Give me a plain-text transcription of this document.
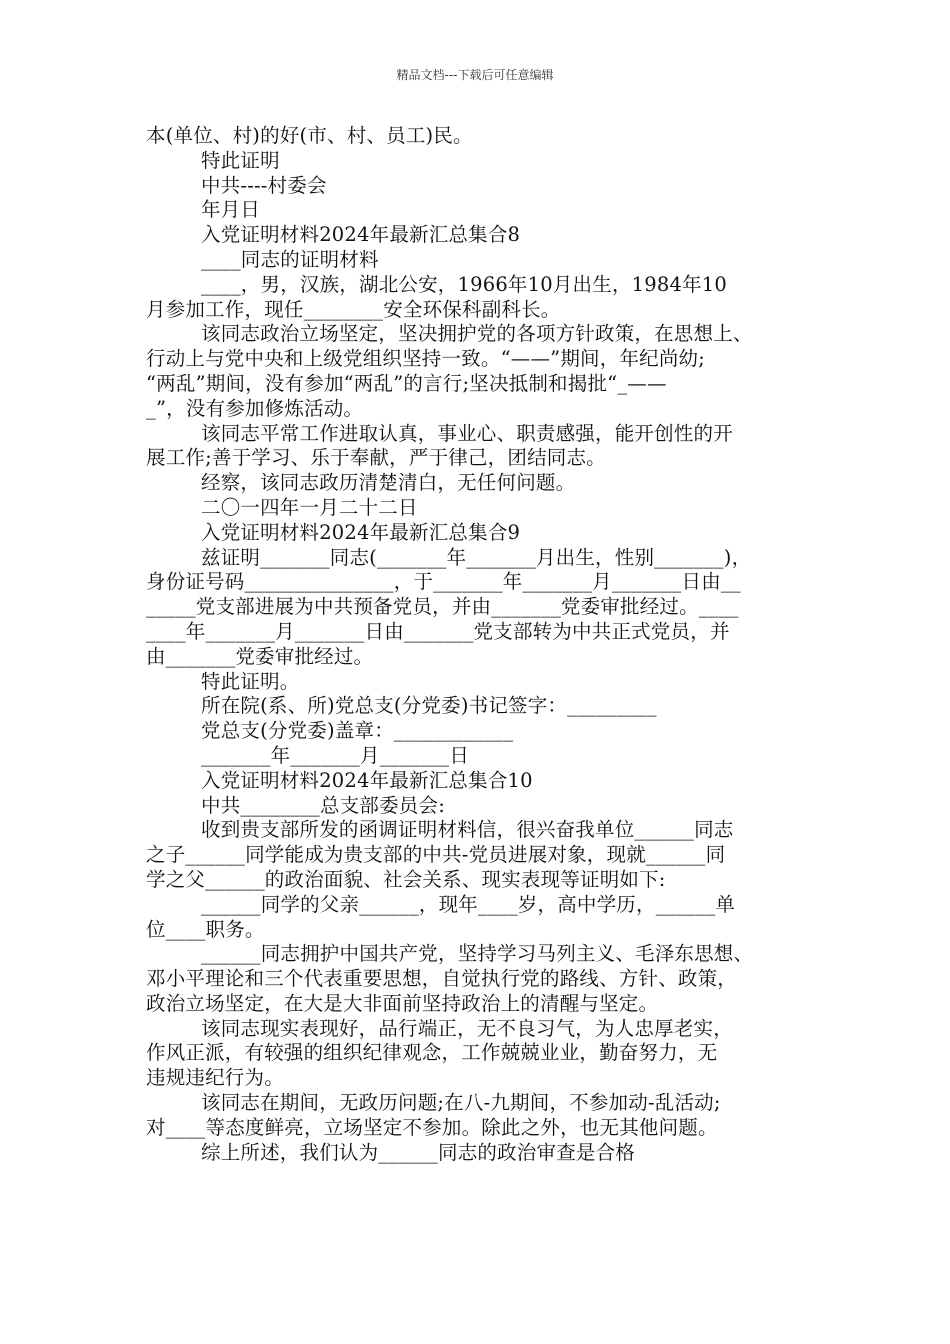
精品文档---下载后可任意编辑

本(单位、村)的好(市、村、员工)民。

特此证明

中共----村委会

年月日

入党证明材料2024年最新汇总集合8

____同志的证明材料

____，男，汉族，湖北公安，1966年10月出生，1984年10

月参加工作，现任________安全环保科副科长。

该同志政治立场坚定，坚决拥护党的各项方针政策，在思想上、

行动上与党中央和上级党组织坚持一致。“——”期间，年纪尚幼;

“两乱”期间，没有参加“两乱”的言行;坚决抵制和揭批“_——

_”，没有参加修炼活动。

该同志平常工作进取认真，事业心、职责感强，能开创性的开

展工作;善于学习、乐于奉献，严于律己，团结同志。

经察，该同志政历清楚清白，无任何问题。

二〇一四年一月二十二日

入党证明材料2024年最新汇总集合9

兹证明_______同志(_______年_______月出生，性别_______)，

身份证号码_______________，于_______年_______月_______日由__

_____党支部进展为中共预备党员，并由_______党委审批经过。____

____年_______月_______日由_______党支部转为中共正式党员，并

由_______党委审批经过。

特此证明。

所在院(系、所)党总支(分党委)书记签字：_________

党总支(分党委)盖章：____________

_______年_______月_______日

入党证明材料2024年最新汇总集合10

中共________总支部委员会:

收到贵支部所发的函调证明材料信，很兴奋我单位______同志

之子______同学能成为贵支部的中共-党员进展对象，现就______同

学之父______的政治面貌、社会关系、现实表现等证明如下:

______同学的父亲______，现年____岁，高中学历，______单

位____职务。

______同志拥护中国共产党，坚持学习马列主义、毛泽东思想、

邓小平理论和三个代表重要思想，自觉执行党的路线、方针、政策，

政治立场坚定，在大是大非面前坚持政治上的清醒与坚定。

该同志现实表现好，品行端正，无不良习气，为人忠厚老实，

作风正派，有较强的组织纪律观念，工作兢兢业业，勤奋努力，无

违规违纪行为。

该同志在期间，无政历问题;在八-九期间，不参加动-乱活动;

对____等态度鲜亮，立场坚定不参加。除此之外，也无其他问题。

综上所述，我们认为______同志的政治审查是合格
